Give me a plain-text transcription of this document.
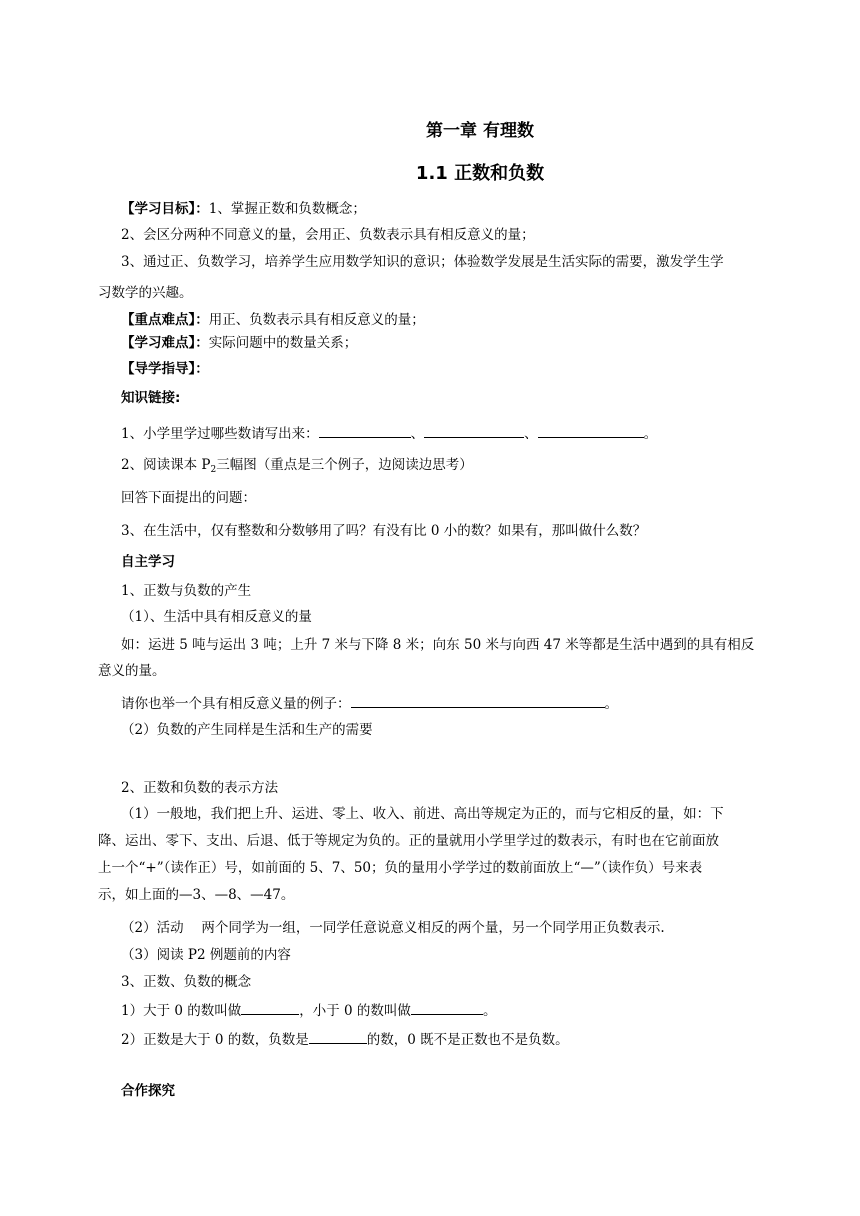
第一章 有理数
1.1 正数和负数
【学习目标】：1、掌握正数和负数概念；
2、会区分两种不同意义的量，会用正、负数表示具有相反意义的量；
3、通过正、负数学习，培养学生应用数学知识的意识；体验数学发展是生活实际的需要，激发学生学
习数学的兴趣。
【重点难点】：用正、负数表示具有相反意义的量；
【学习难点】：实际问题中的数量关系；
【导学指导】：
知识链接:
1、小学里学过哪些数请写出来：	、	、	。
2、阅读课本 $P_2$三幅图（重点是三个例子，边阅读边思考）
回答下面提出的问题：
3、在生活中，仅有整数和分数够用了吗？有没有比 0 小的数？如果有，那叫做什么数？
自主学习
1、正数与负数的产生
（1）、生活中具有相反意义的量
如：运进 5 吨与运出 3 吨；上升 7 米与下降 8 米；向东 50 米与向西 47 米等都是生活中遇到的具有相反
意义的量。
请你也举一个具有相反意义量的例子：	。
（2）负数的产生同样是生活和生产的需要
2、正数和负数的表示方法
（1）一般地，我们把上升、运进、零上、收入、前进、高出等规定为正的，而与它相反的量，如：下
降、运出、零下、支出、后退、低于等规定为负的。正的量就用小学里学过的数表示，有时也在它前面放
上一个“+”（读作正）号，如前面的 5、7、50；负的量用小学学过的数前面放上“—”（读作负）号来表
示，如上面的—3、—8、—47。
（2）活动　 两个同学为一组，一同学任意说意义相反的两个量，另一个同学用正负数表示.
（3）阅读 P2 例题前的内容
3、正数、负数的概念
1）大于 0 的数叫做	，小于 0 的数叫做	。
2）正数是大于 0 的数，负数是	的数，0 既不是正数也不是负数。
合作探究
